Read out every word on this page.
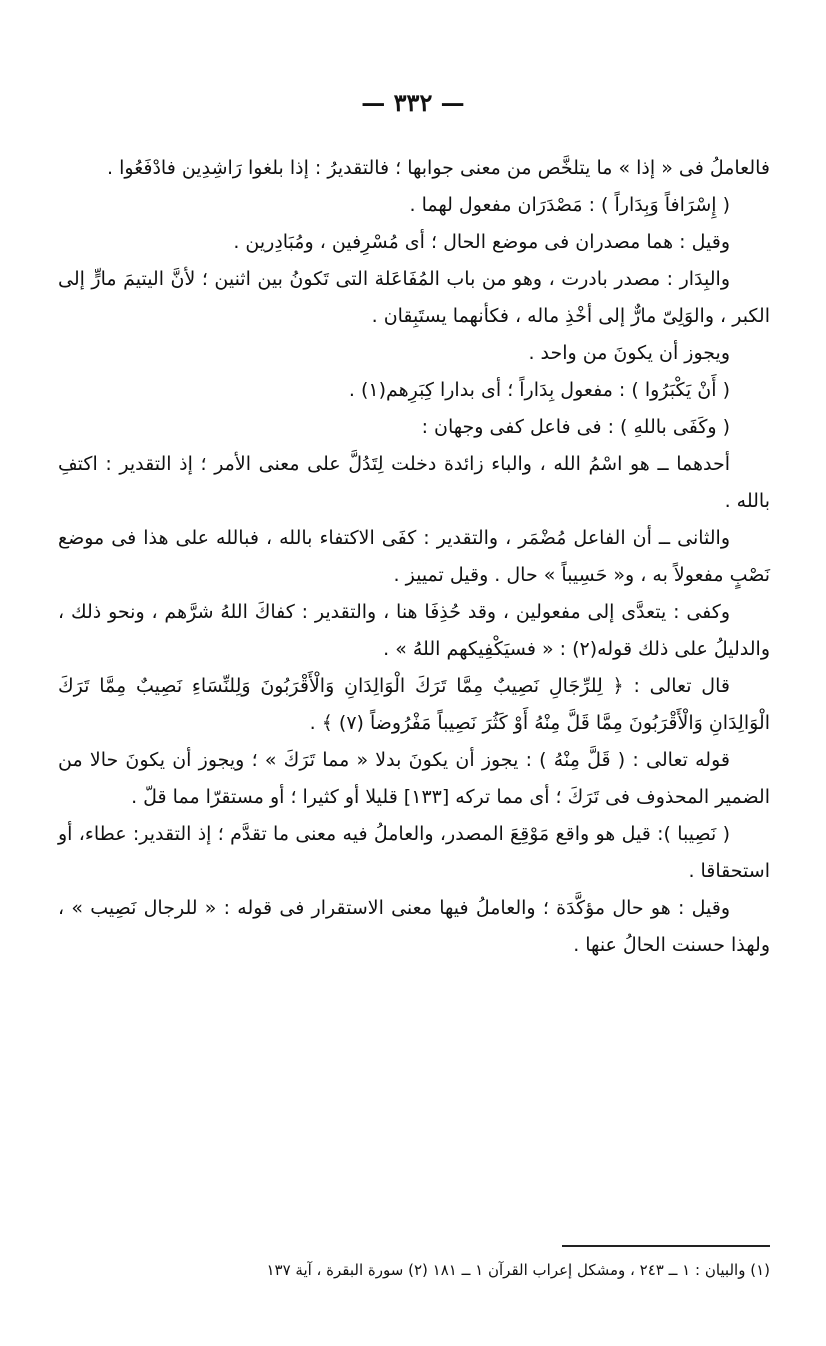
— ٣٣٢ —

فالعاملُ فى « إذا » ما يتلخَّص من معنى جوابها ؛ فالتقديرُ : إذا بلغوا رَاشِدِين فادْفَعُوا .

( إِسْرَافاً وَبِدَاراً ) : مَصْدَرَان مفعول لهما .

وقيل : هما مصدران فى موضع الحال ؛ أى مُسْرِفين ، ومُبَادِرين .

والبِدَار : مصدر بادرت ، وهو من باب المُفَاعَلة التى تَكونُ بين اثنين ؛ لأنَّ اليتيمَ مارٍّ إلى الكبر ، والوَلِىّ مارٌّ إلى أخْذِ ماله ، فكأنهما يستَبِقان .

ويجوز أن يكونَ من واحد .

( أَنْ يَكْبَرُوا ) : مفعول بِدَاراً ؛ أى بدارا كِبَرِهم(١) .

( وكَفَى باللهِ ) : فى فاعل كفى وجهان :

أحدهما ــ هو اسْمُ الله ، والباء زائدة دخلت لِتَدُلَّ على معنى الأمر ؛ إذ التقدير : اكتفِ بالله .

والثانى ــ أن الفاعل مُضْمَر ، والتقدير : كفَى الاكتفاء بالله ، فبالله على هذا فى موضع نَصْبٍ مفعولاً به ، و« حَسِيباً » حال . وقيل تمييز .

وكفى : يتعدَّى إلى مفعولين ، وقد حُذِفَا هنا ، والتقدير : كفاكَ اللهُ شرَّهم ، ونحو ذلك ، والدليلُ على ذلك قوله(٢) : « فسيَكْفِيكهم اللهُ » .

قال تعالى : ﴿ لِلرِّجَالِ نَصِيبٌ مِمَّا تَرَكَ الْوَالِدَانِ وَالْأَقْرَبُونَ وَلِلنِّسَاءِ نَصِيبٌ مِمَّا تَرَكَ الْوَالِدَانِ وَالْأَقْرَبُونَ مِمَّا قَلَّ مِنْهُ أَوْ كَثُرَ نَصِيباً مَفْرُوضاً (٧) ﴾ .

قوله تعالى : ( قَلَّ مِنْهُ ) : يجوز أن يكونَ بدلا « مما تَرَكَ » ؛ ويجوز أن يكونَ حالا من الضمير المحذوف فى تَرَكَ ؛ أى مما تركه [١٣٣] قليلا أو كثيرا ؛ أو مستقرّا مما قلّ .

( نَصِيبا ): قيل هو واقع مَوْقِعَ المصدر، والعاملُ فيه معنى ما تقدَّم ؛ إذ التقدير: عطاء، أو استحقاقا .

وقيل : هو حال مؤكَّدَة ؛ والعاملُ فيها معنى الاستقرار فى قوله : « للرجال نَصِيب » ، ولهذا حسنت الحالُ عنها .

(١) والبيان : ١ ــ ٢٤٣ ، ومشكل إعراب القرآن ١ ــ ١٨١ (٢) سورة البقرة ، آية ١٣٧
